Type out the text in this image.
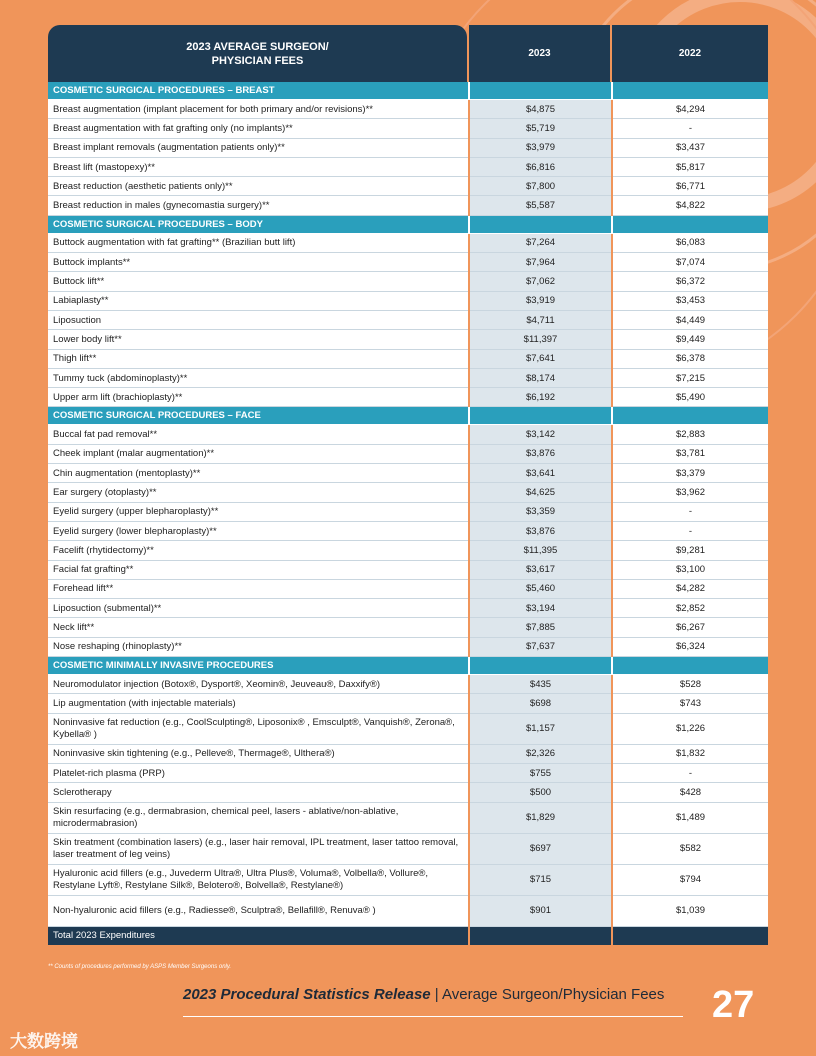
2023 AVERAGE SURGEON/
PHYSICIAN FEES
2023	2022
COSMETIC SURGICAL PROCEDURES – BREAST		
Breast augmentation (implant placement for both primary and/or revisions)**	$4,875	$4,294
Breast augmentation with fat grafting only (no implants)**	$5,719	-
Breast implant removals (augmentation patients only)**	$3,979	$3,437
Breast lift (mastopexy)**	$6,816	$5,817
Breast reduction (aesthetic patients only)**	$7,800	$6,771
Breast reduction in males (gynecomastia surgery)**	$5,587	$4,822
COSMETIC SURGICAL PROCEDURES – BODY		
Buttock augmentation with fat grafting** (Brazilian butt lift)	$7,264	$6,083
Buttock implants**	$7,964	$7,074
Buttock lift**	$7,062	$6,372
Labiaplasty**	$3,919	$3,453
Liposuction	$4,711	$4,449
Lower body lift**	$11,397	$9,449
Thigh lift**	$7,641	$6,378
Tummy tuck (abdominoplasty)**	$8,174	$7,215
Upper arm lift (brachioplasty)**	$6,192	$5,490
COSMETIC SURGICAL PROCEDURES – FACE		
Buccal fat pad removal**	$3,142	$2,883
Cheek implant (malar augmentation)**	$3,876	$3,781
Chin augmentation (mentoplasty)**	$3,641	$3,379
Ear surgery (otoplasty)**	$4,625	$3,962
Eyelid surgery (upper blepharoplasty)**	$3,359	-
Eyelid surgery (lower blepharoplasty)**	$3,876	-
Facelift (rhytidectomy)**	$11,395	$9,281
Facial fat grafting**	$3,617	$3,100
Forehead lift**	$5,460	$4,282
Liposuction (submental)**	$3,194	$2,852
Neck lift**	$7,885	$6,267
Nose reshaping (rhinoplasty)**	$7,637	$6,324
COSMETIC MINIMALLY INVASIVE PROCEDURES		
Neuromodulator injection (Botox®, Dysport®, Xeomin®, Jeuveau®, Daxxify®)	$435	$528
Lip augmentation (with injectable materials)	$698	$743
Noninvasive fat reduction (e.g., CoolSculpting®, Liposonix® , Emsculpt®, Vanquish®, Zerona®, Kybella® )	$1,157	$1,226
Noninvasive skin tightening (e.g., Pelleve®, Thermage®, Ulthera®)	$2,326	$1,832
Platelet-rich plasma (PRP)	$755	-
Sclerotherapy	$500	$428
Skin resurfacing (e.g., dermabrasion, chemical peel, lasers - ablative/non-ablative, microdermabrasion)	$1,829	$1,489
Skin treatment (combination lasers) (e.g., laser hair removal, IPL treatment, laser tattoo removal, laser treatment of leg veins)	$697	$582
Hyaluronic acid fillers (e.g., Juvederm Ultra®, Ultra Plus®, Voluma®, Volbella®, Vollure®, Restylane Lyft®, Restylane Silk®, Belotero®, Bolvella®, Restylane®)	$715	$794
Non-hyaluronic acid fillers (e.g., Radiesse®, Sculptra®, Bellafill®, Renuva® )	$901	$1,039
Total 2023 Expenditures		
** Counts of procedures performed by ASPS Member Surgeons only.
2023 Procedural Statistics Release | Average Surgeon/Physician Fees 27
大数跨境
